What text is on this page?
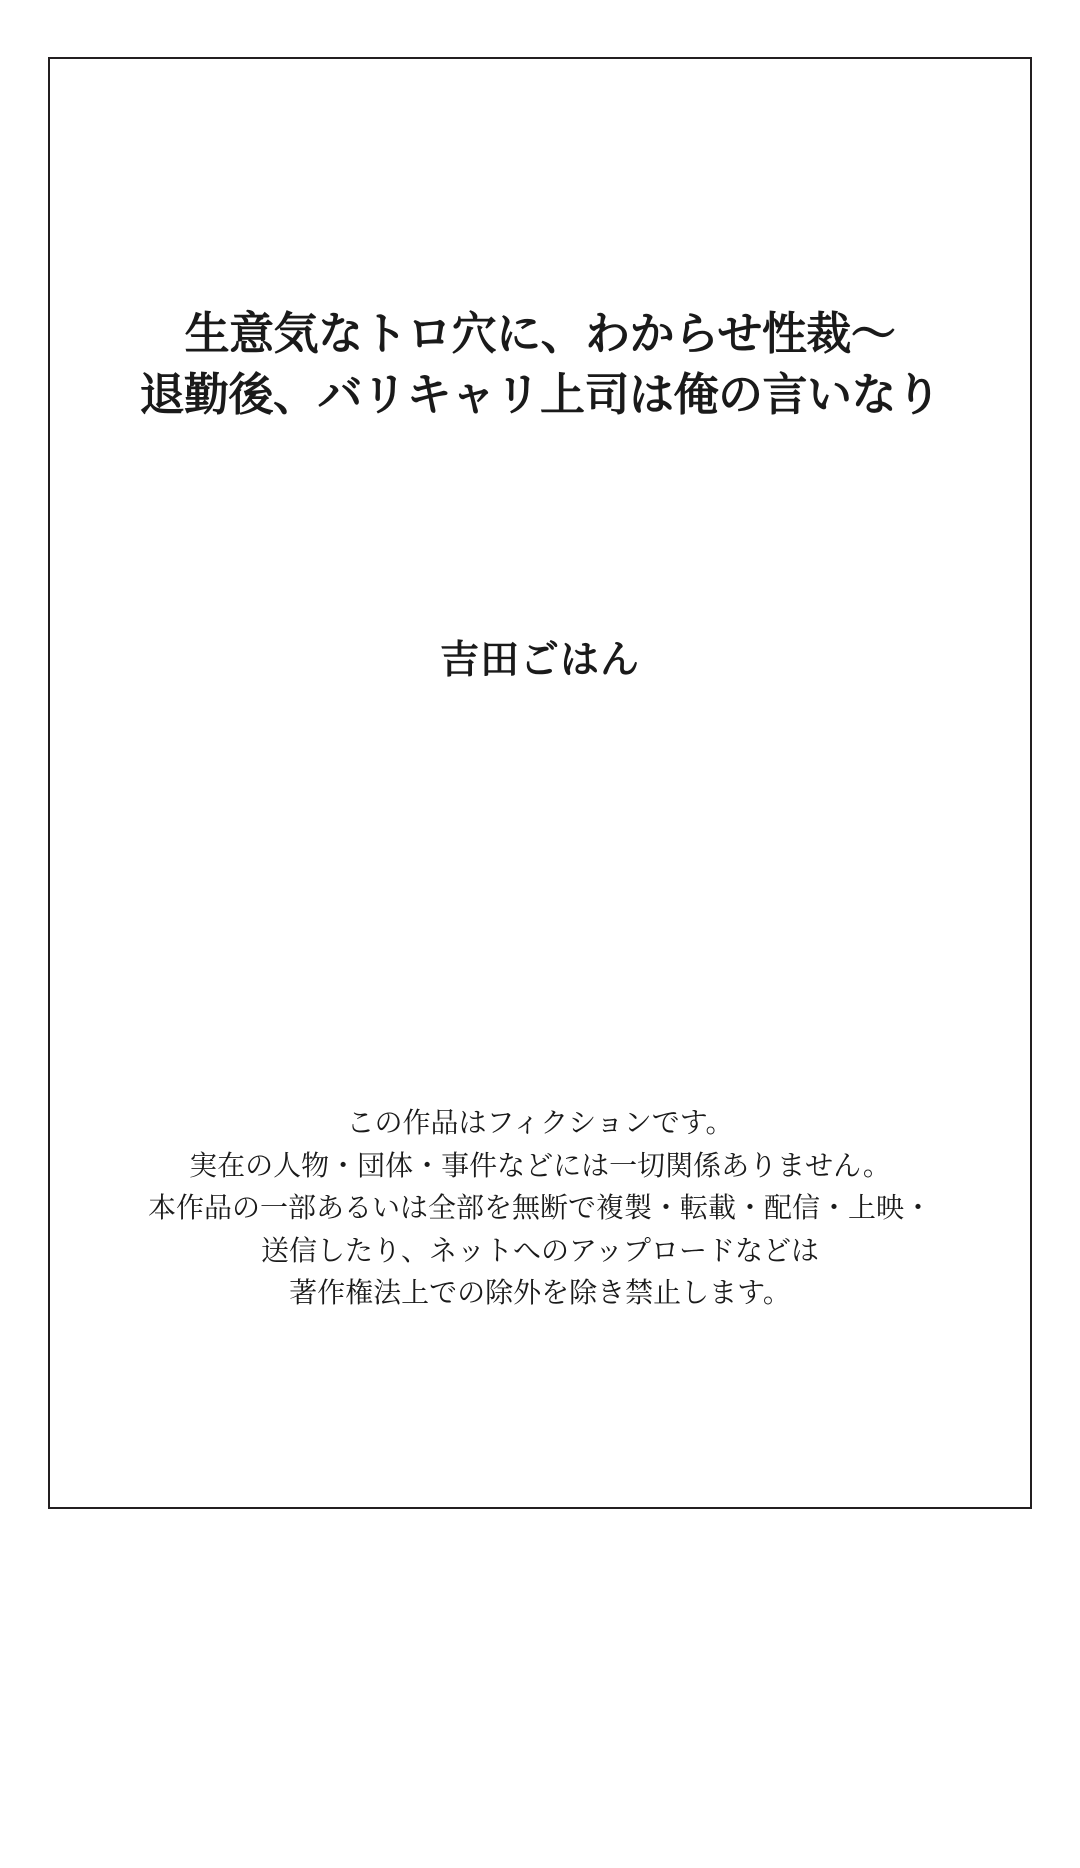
生意気なトロ穴に、わからせ性裁〜
退勤後、バリキャリ上司は俺の言いなり
吉田ごはん
この作品はフィクションです。
実在の人物・団体・事件などには一切関係ありません。
本作品の一部あるいは全部を無断で複製・転載・配信・上映・
送信したり、ネットへのアップロードなどは
著作権法上での除外を除き禁止します。
